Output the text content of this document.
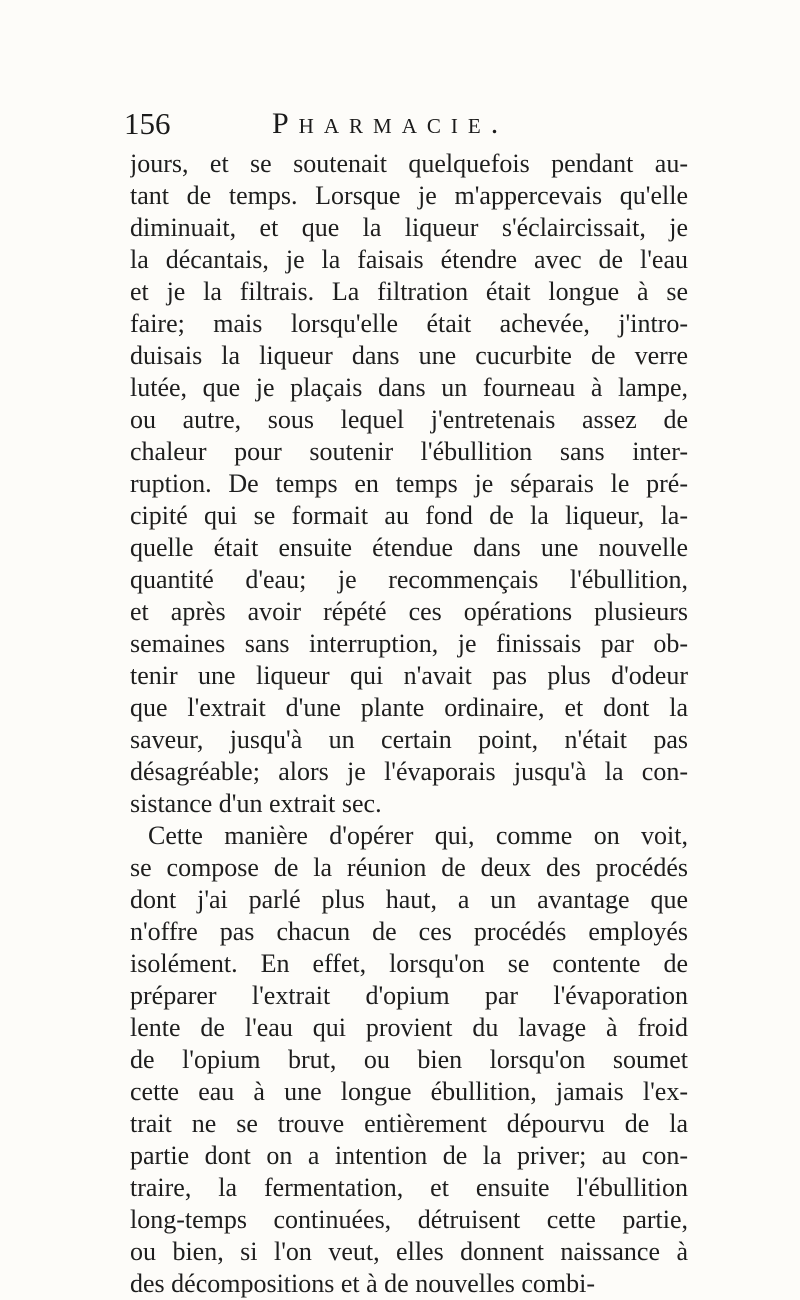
156	Pharmacie.
jours, et se soutenait quelquefois pendant au-
tant de temps. Lorsque je m'appercevais qu'elle
diminuait, et que la liqueur s'éclaircissait, je
la décantais, je la faisais étendre avec de l'eau
et je la filtrais. La filtration était longue à se
faire; mais lorsqu'elle était achevée, j'intro-
duisais la liqueur dans une cucurbite de verre
lutée, que je plaçais dans un fourneau à lampe,
ou autre, sous lequel j'entretenais assez de
chaleur pour soutenir l'ébullition sans inter-
ruption. De temps en temps je séparais le pré-
cipité qui se formait au fond de la liqueur, la-
quelle était ensuite étendue dans une nouvelle
quantité d'eau; je recommençais l'ébullition,
et après avoir répété ces opérations plusieurs
semaines sans interruption, je finissais par ob-
tenir une liqueur qui n'avait pas plus d'odeur
que l'extrait d'une plante ordinaire, et dont la
saveur, jusqu'à un certain point, n'était pas
désagréable; alors je l'évaporais jusqu'à la con-
sistance d'un extrait sec.
Cette manière d'opérer qui, comme on voit,
se compose de la réunion de deux des procédés
dont j'ai parlé plus haut, a un avantage que
n'offre pas chacun de ces procédés employés
isolément. En effet, lorsqu'on se contente de
préparer l'extrait d'opium par l'évaporation
lente de l'eau qui provient du lavage à froid
de l'opium brut, ou bien lorsqu'on soumet
cette eau à une longue ébullition, jamais l'ex-
trait ne se trouve entièrement dépourvu de la
partie dont on a intention de la priver; au con-
traire, la fermentation, et ensuite l'ébullition
long-temps continuées, détruisent cette partie,
ou bien, si l'on veut, elles donnent naissance à
des décompositions et à de nouvelles combi-
